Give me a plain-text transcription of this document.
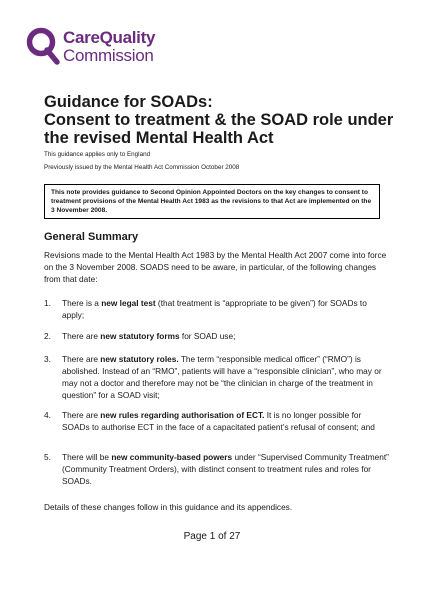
CareQuality
Commission
Guidance for SOADs:
Consent to treatment & the SOAD role under
the revised Mental Health Act
This guidance applies only to England
Previously issued by the Mental Health Act Commission October 2008
This note provides guidance to Second Opinion Appointed Doctors on the key changes to consent to treatment provisions of the Mental Health Act 1983 as the revisions to that Act are implemented on the 3 November 2008.
General Summary

Revisions made to the Mental Health Act 1983 by the Mental Health Act 2007 come into force on the 3 November 2008. SOADS need to be aware, in particular, of the following changes from that date:

1. There is a new legal test (that treatment is “appropriate to be given”) for SOADs to apply;
2. There are new statutory forms for SOAD use;
3. There are new statutory roles. The term “responsible medical officer” (“RMO”) is abolished. Instead of an “RMO”, patients will have a “responsible clinician”, who may or may not a doctor and therefore may not be “the clinician in charge of the treatment in question” for a SOAD visit;
4. There are new rules regarding authorisation of ECT. It is no longer possible for SOADs to authorise ECT in the face of a capacitated patient’s refusal of consent; and
5. There will be new community-based powers under “Supervised Community Treatment” (Community Treatment Orders), with distinct consent to treatment rules and roles for SOADs.
Details of these changes follow in this guidance and its appendices.
Page 1 of 27
